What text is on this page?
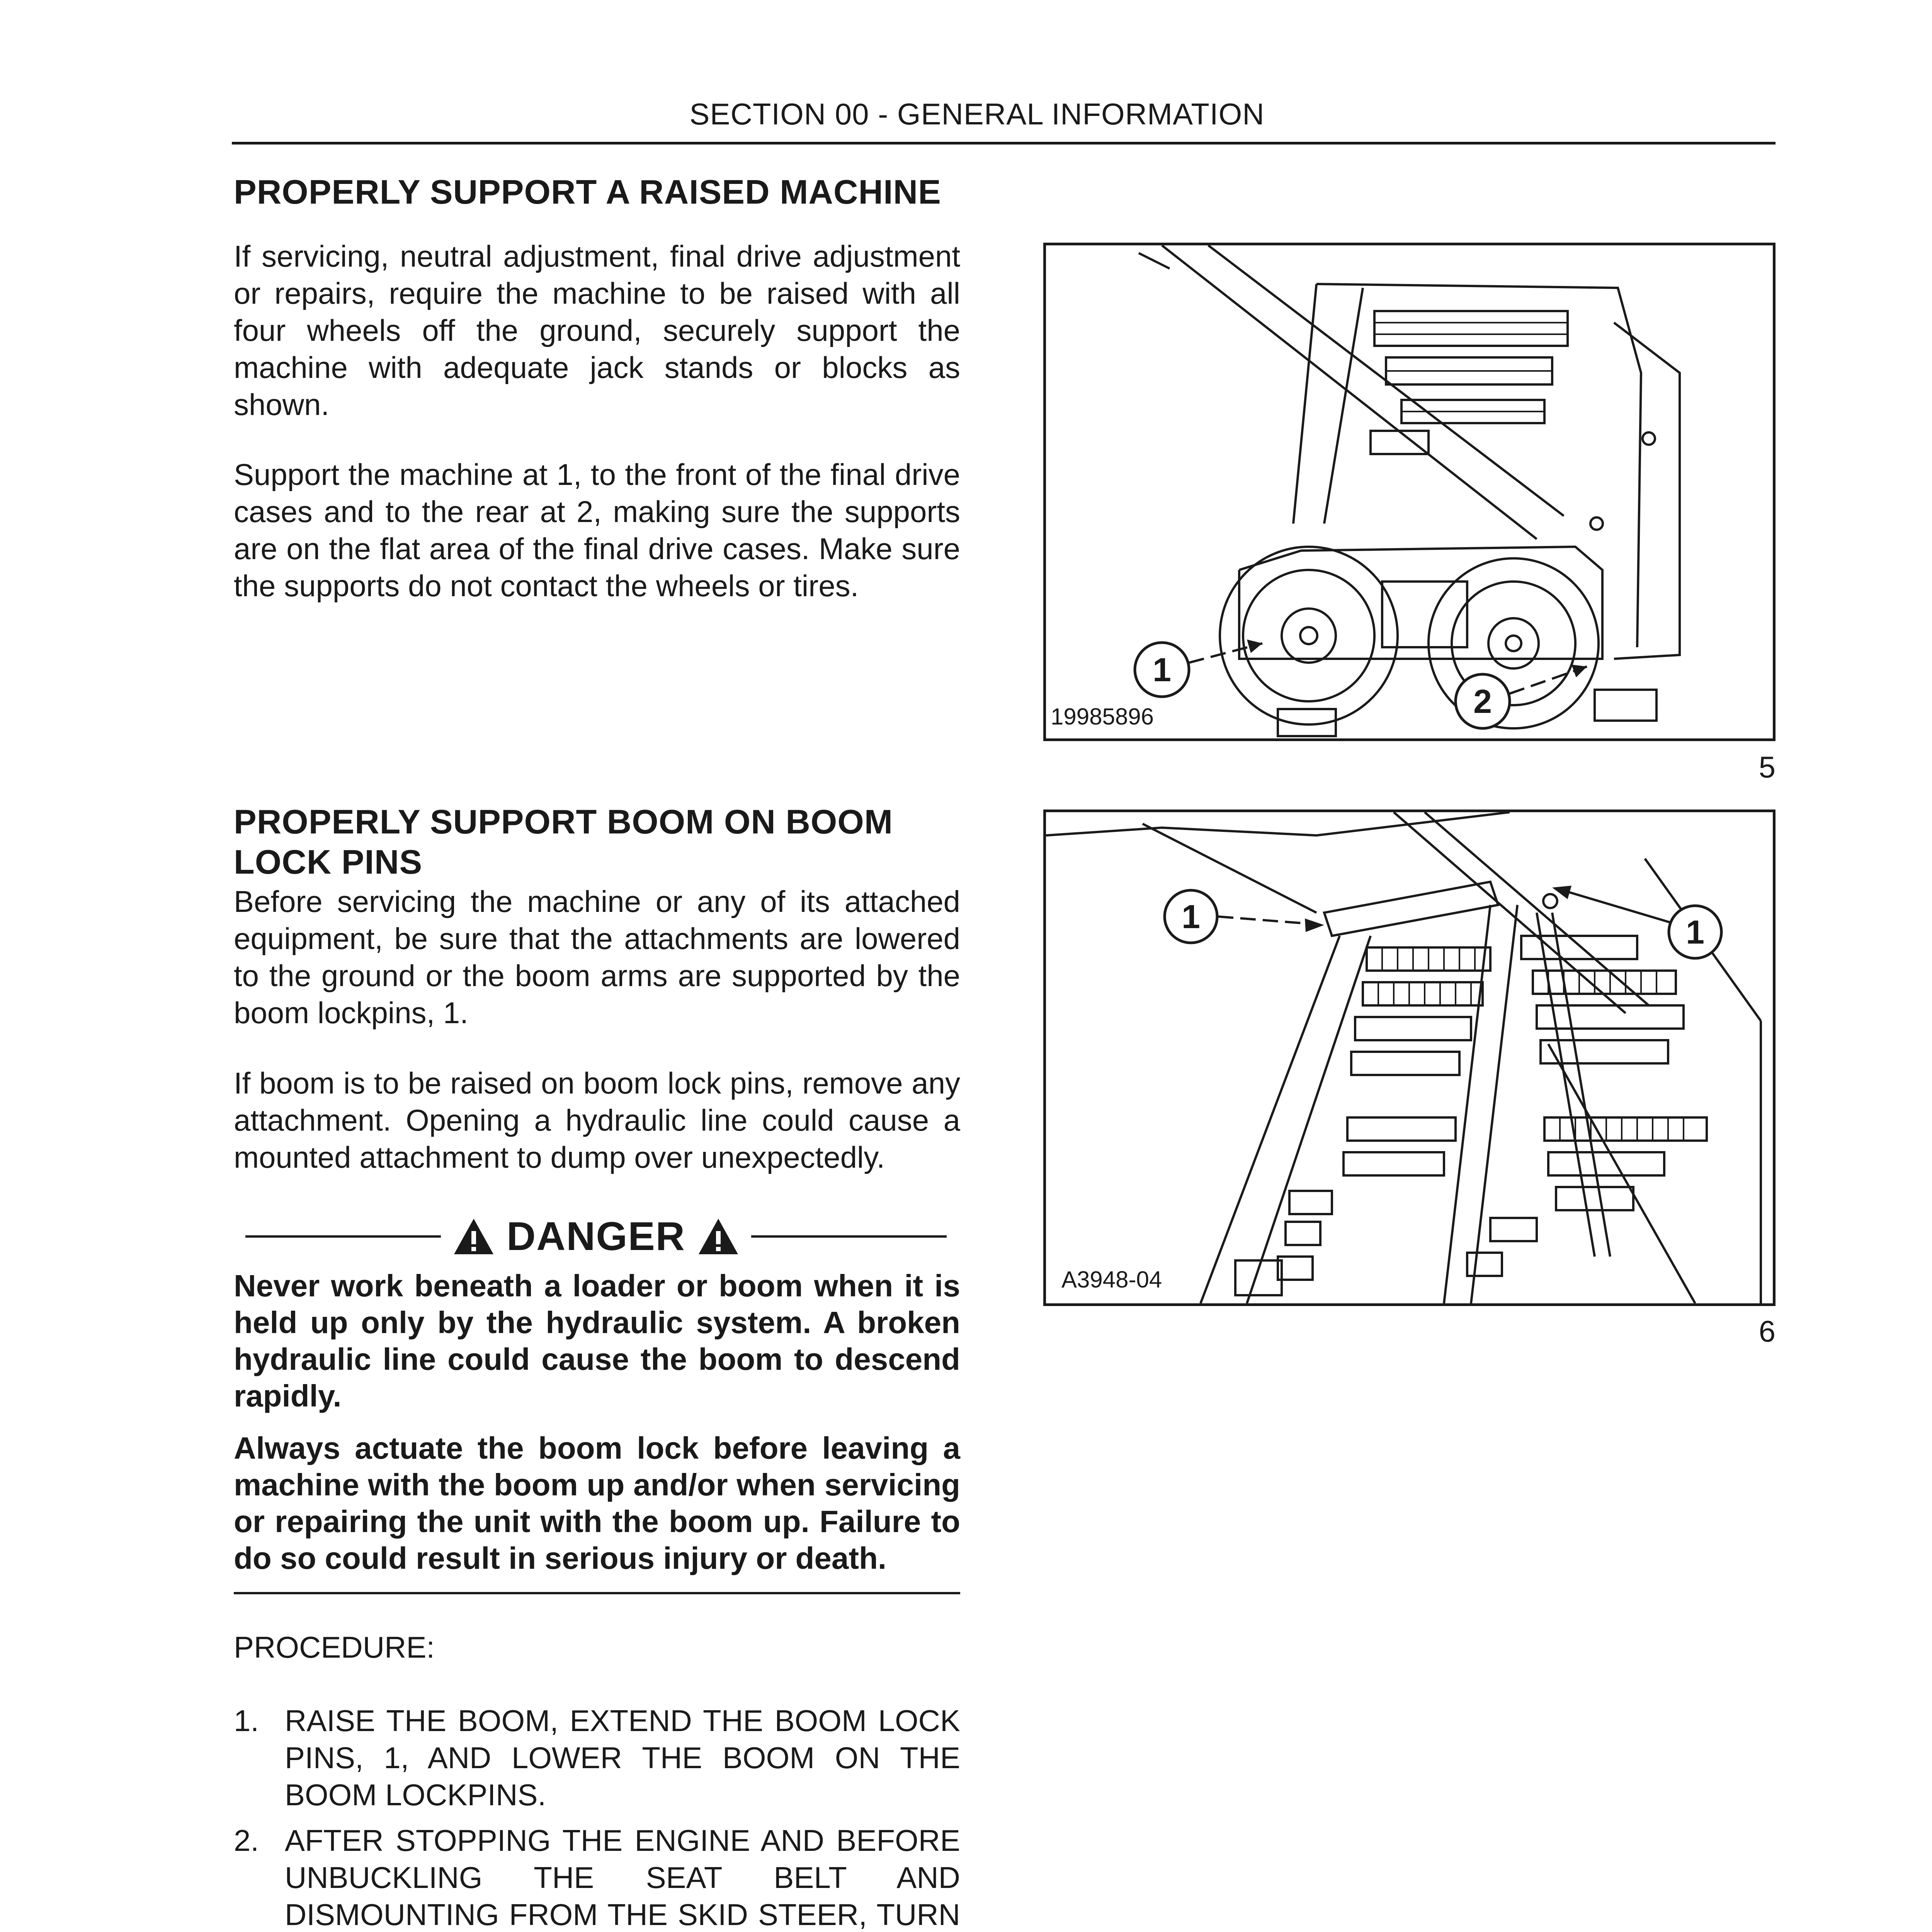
SECTION 00 - GENERAL INFORMATION
PROPERLY SUPPORT A RAISED MACHINE
If servicing, neutral adjustment, final drive adjustment or repairs, require the machine to be raised with all four wheels off the ground, securely support the machine with adequate jack stands or blocks as shown.
Support the machine at 1, to the front of the final drive cases and to the rear at 2, making sure the supports are on the flat area of the final drive cases. Make sure the supports do not contact the wheels or tires.
1
2
19985896
5
PROPERLY SUPPORT BOOM ON BOOM
LOCK PINS
Before servicing the machine or any of its attached equipment, be sure that the attachments are lowered to the ground or the boom arms are supported by the boom lockpins, 1.
If boom is to be raised on boom lock pins, remove any attachment. Opening a hydraulic line could cause a mounted attachment to dump over unexpectedly.
1	1
A3948-04
6
DANGER
Never work beneath a loader or boom when it is held up only by the hydraulic system. A broken hydraulic line could cause the boom to descend rapidly.
Always actuate the boom lock before leaving a machine with the boom up and/or when servicing or repairing the unit with the boom up. Failure to do so could result in serious injury or death.
PROCEDURE:
1. RAISE THE BOOM, EXTEND THE BOOM LOCK PINS, 1, AND LOWER THE BOOM ON THE BOOM LOCKPINS.
2. AFTER STOPPING THE ENGINE AND BEFORE UNBUCKLING THE SEAT BELT AND DISMOUNTING FROM THE SKID STEER, TURN
